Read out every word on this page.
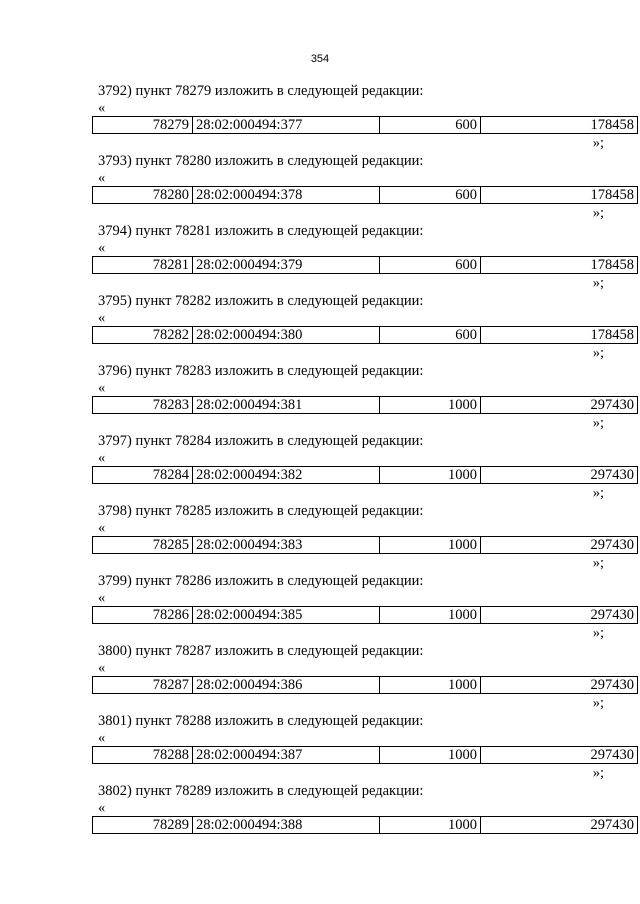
354
3792) пункт 78279 изложить в следующей редакции:
«
78279	28:02:000494:377	600	178458
»;
3793) пункт 78280 изложить в следующей редакции:
«
78280	28:02:000494:378	600	178458
»;
3794) пункт 78281 изложить в следующей редакции:
«
78281	28:02:000494:379	600	178458
»;
3795) пункт 78282 изложить в следующей редакции:
«
78282	28:02:000494:380	600	178458
»;
3796) пункт 78283 изложить в следующей редакции:
«
78283	28:02:000494:381	1000	297430
»;
3797) пункт 78284 изложить в следующей редакции:
«
78284	28:02:000494:382	1000	297430
»;
3798) пункт 78285 изложить в следующей редакции:
«
78285	28:02:000494:383	1000	297430
»;
3799) пункт 78286 изложить в следующей редакции:
«
78286	28:02:000494:385	1000	297430
»;
3800) пункт 78287 изложить в следующей редакции:
«
78287	28:02:000494:386	1000	297430
»;
3801) пункт 78288 изложить в следующей редакции:
«
78288	28:02:000494:387	1000	297430
»;
3802) пункт 78289 изложить в следующей редакции:
«
78289	28:02:000494:388	1000	297430
